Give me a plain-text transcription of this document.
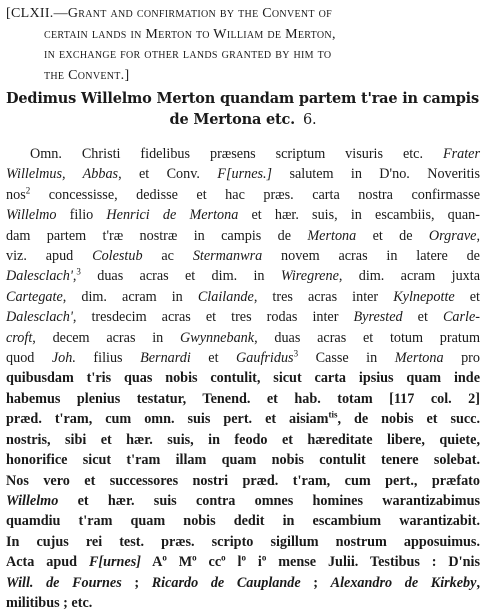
[CLXII.—Grant and confirmation by the Convent of
certain lands in Merton to William de Merton,
in exchange for other lands granted by him to
the Convent.]
Dedimus Willelmo Merton quandam partem t'rae in campis
de Mertona etc. 6.
Omn. Christi fidelibus præsens scriptum visuris etc. Frater
Willelmus, Abbas, et Conv. F[urnes.] salutem in D'no. Noveritis
nos$^2$ concessisse, dedisse et hac præs. carta nostra confirmasse
Willelmo filio Henrici de Mertona et hær. suis, in escambiis, quan-
dam partem t'ræ nostræ in campis de Mertona et de Orgrave,
viz. apud Colestub ac Stermanwra novem acras in latere de
Dalesclach',$^3$ duas acras et dim. in Wiregrene, dim. acram juxta
Cartegate, dim. acram in Clailande, tres acras inter Kylnepotte et
Dalesclach', tresdecim acras et tres rodas inter Byrested et Carle-
croft, decem acras in Gwynnebank, duas acras et totum pratum
quod Joh. filius Bernardi et Gaufridus$^3$ Casse in Mertona pro
quibusdam t'ris quas nobis contulit, sicut carta ipsius quam inde
habemus plenius testatur, Tenend. et hab. totam [117 col. 2]
præd. t'ram, cum omn. suis pert. et aisiam$^{tis}$, de nobis et succ.
nostris, sibi et hær. suis, in feodo et hæreditate libere, quiete,
honorifice sicut t'ram illam quam nobis contulit tenere solebat.
Nos vero et successores nostri præd. t'ram, cum pert., præfato
Willelmo et hær. suis contra omnes homines warantizabimus
quamdiu t'ram quam nobis dedit in escambium warantizabit.
In cujus rei test. præs. scripto sigillum nostrum apposuimus.
Acta apud F[urnes] $A^o$ $M^o$ $cc^o$ $l^o$ $i^o$ mense Julii. Testibus : D'nis
Will. de Fournes ; Ricardo de Cauplande ; Alexandro de Kirkeby,
militibus ; etc.
